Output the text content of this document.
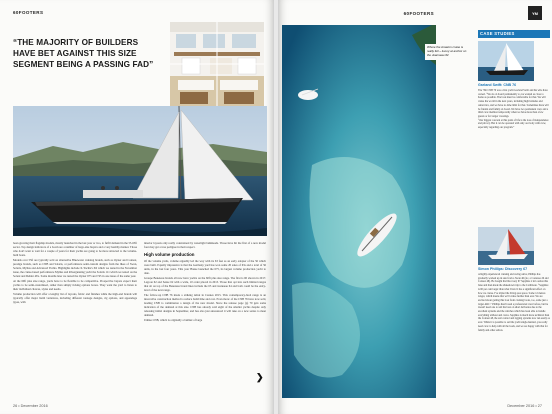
60FOOTERS
“THE MAJORITY OF BUILDERS HAVE BET AGAINST THIS SIZE SEGMENT BEING A PASSING FAD”

been growing their flagship models, mostly launched in the last year or two, to fulfil demand in the 55-65ft sector. Top design indicators of a boom are a number of large-size buyers and a very healthy market. Those who don't want to wait for a couple of years for their yachts are going to be more attracted to the volume-built boats.

Models over 55ft are typically sold on alternative Bluewater cruising brands, such as Oyster and Contest, prestige brands, such as CNB and Solaris, or performance semi-custom designs from the likes of Swan, Solaris, Mylius and Advanced Yachts. Highlights include X-Yachts's X6 which we tested in the November issue, the cruise-based performance Mylius and Rivergunning yacht the Solaris 111 which we tested on the Solent and Dehler 46's. Some months later we tested the Oyster 675 and 745 in one issue of the same year.

At the 60ft plus size range, yards have to be flexible to be competitive. Prospective buyers expect their yachts to be semi-customised, rather than simply ticking options boxes. They want the yard to listen to their individual choices, styles and needs.

Volume production will offer a lengthy list of layouts, fabric and finishes while the high-end brands will typically offer major build variations, including different tonnage designs, rig options, and appendage types, with

interior layouts only really constrained by watertight bulkheads. Those have hit the first of a new model four may get a true pedigree in their respect.

High volume production

Of the volume yards, volume arguably led the way with its 63 feet as an early adopter of the 56 which were built. Equally impressive is that the Germany yard has won some 20 sales of 63s and a total of 56 units, in the last four years. This year Hanse launched the 675, its largest volume production yacht to date.

Groupe Beneteau brands all now have yachts on the 60ft plus size range. The first is 60 shown in 2017. Lagoon 62 and Sense 62 with a wide, 10 order placed in 2013. Those that opt into such limited ranges that sit on top of the Beneteau brand lines include the 65 and Jeanneau 64 and both could be the entry-level of the next range.

The follow-up CNB 76 made a striking debut in Cannes 2015. This contemporary-bred range is an innovative construction method to reduce build time and cost. Even more: of the CNB 76 have now sold, leading CNB to commission a design of the new model. Since the release page (p) 70 gets some indication of the demand at this size. CNB has already sold eight of the smaller yachts despite only releasing initial designs in September, and has also just announced it will take on a new series to meet demand.

Unlike CNB, which is originally a builder of large

❯
26 • December 2016
60FOOTERS	YM
Where the Amazon cruise is really felt – luxury at anchor on the Jeanneau 64
CASE STUDIES
Garland Swift: CNB 76

The 76ft CNB 76 was a first yacht Garland Swift and his wife have owned. “We do on board permanently so we wanted as close to home as possible. The boat must be comfortable for that. We will cruise the world in the next years, including high latitudes and Antarctica, and we have no time limit for that. Sometimes there will be friends and family on board. We have two permanent crew and a third crew member temporarily when we have more than a few guests or for longer crossings.

“Our biggest concern at this point of life is the loss of independence and privacy. But it can be operated with only our body with crew, especially regarding our program.”

Simon Phillips: Discovery 67
A highly experienced cruising and racing sailor, Phillips has gradually worked up in size from a Swan 46 (sic, a Contessa 26 and Contest 48). He bought his Discovery 67 Sapphire 2 in London this June and then made the shakedown trip to the Caribbean. “Sapphire is 60 per cent larger than what I had. It has a significant effect on how we cruise. I've tripled the living area space. Some 12 metres longer, which means that we'll cruise further than ever. We are excited about getting this boat from cruising boats, too, some just a larger ARC.” Phillips hasn't used a professional crew before, but he doesn't need one to sail the boat on short deliveries due to the excellent systems and the winches which has been able to handle everything without and crews. Sapphire is much more technical than the Contest 48, the sail control and rigging systems now run easily as ever. While it is possible to sail the yacht single-handed, you really need crew to help with all the loads, and we are happy with that for family and other sailors.
December 2016 • 27
